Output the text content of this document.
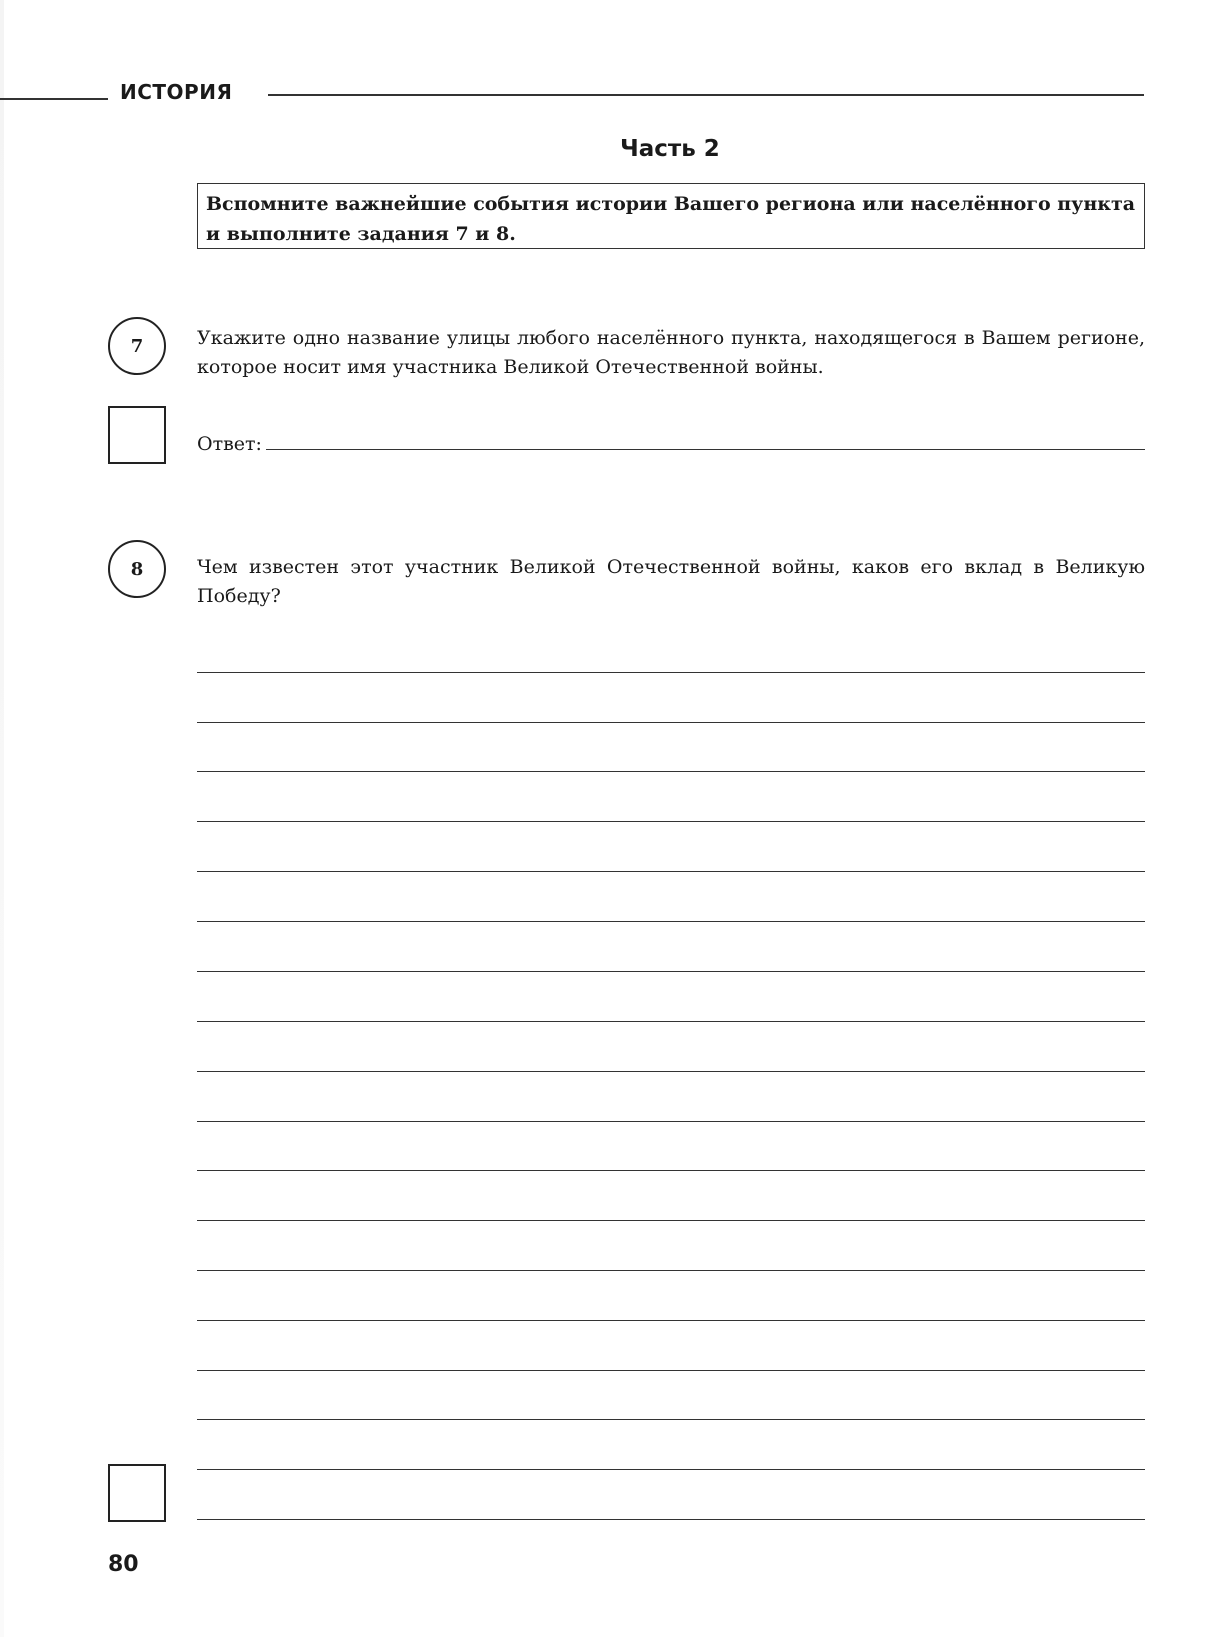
ИСТОРИЯ
Часть 2
Вспомните важнейшие события истории Вашего региона или населённого пункта и выполните задания 7 и 8.
7	Укажите одно название улицы любого населённого пункта, находящегося в Вашем регионе, которое носит имя участника Великой Отечественной войны.
Ответ:
8	Чем известен этот участник Великой Отечественной войны, каков его вклад в Великую Победу?
80
